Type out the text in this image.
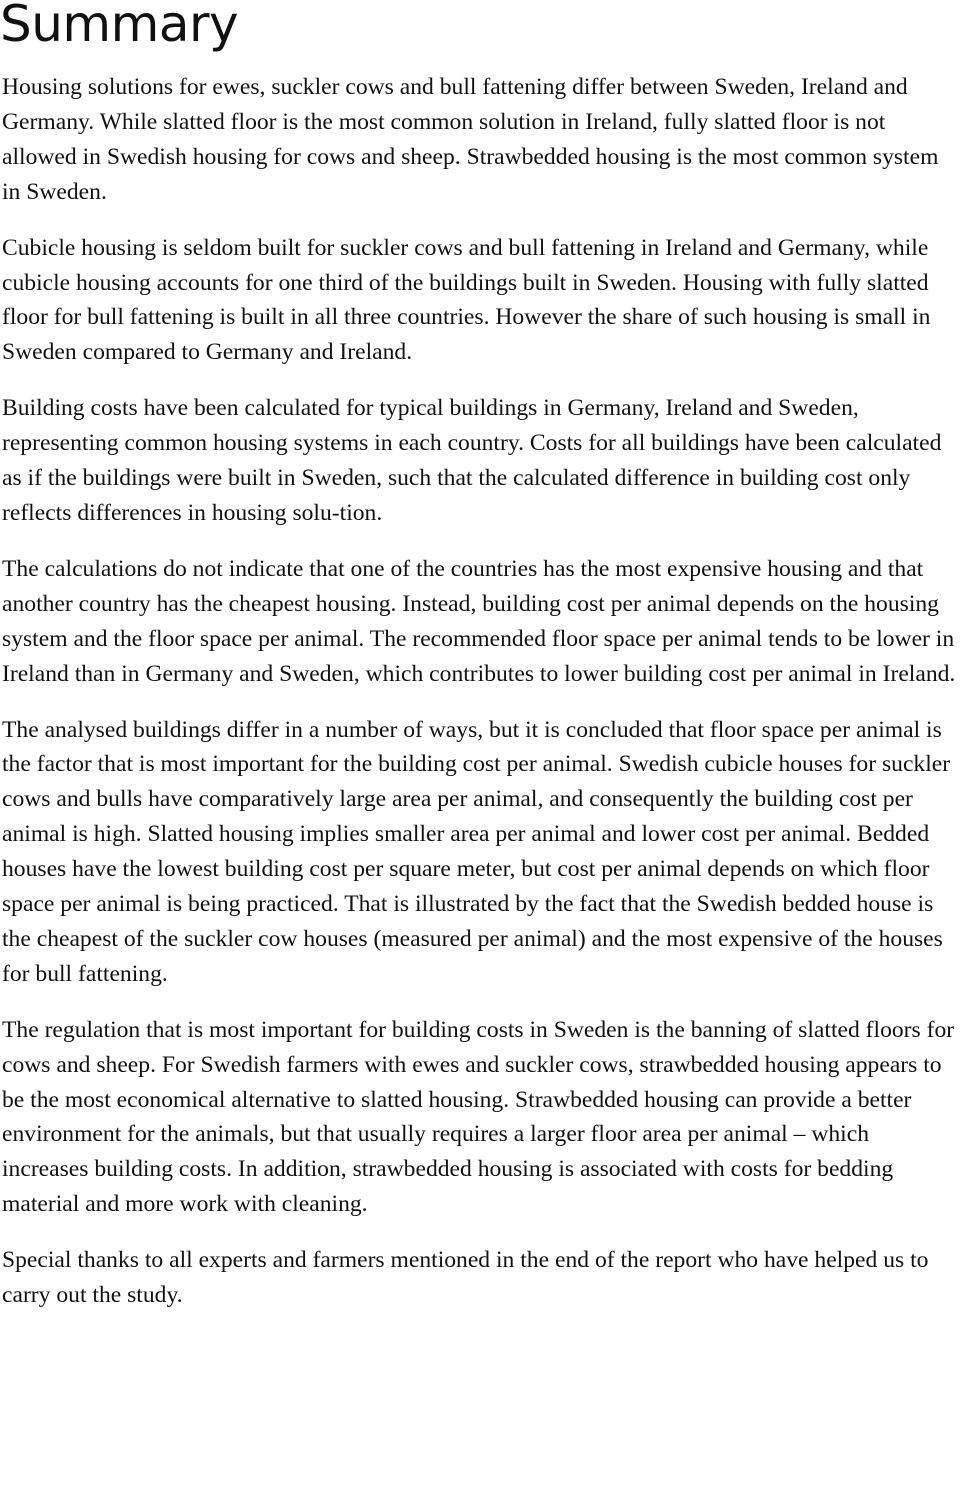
Summary

Housing solutions for ewes, suckler cows and bull fattening differ between Sweden, Ireland and Germany. While slatted floor is the most common solution in Ireland, fully slatted floor is not allowed in Swedish housing for cows and sheep. Strawbedded housing is the most common system in Sweden.

Cubicle housing is seldom built for suckler cows and bull fattening in Ireland and Germany, while cubicle housing accounts for one third of the buildings built in Sweden. Housing with fully slatted floor for bull fattening is built in all three countries. However the share of such housing is small in Sweden compared to Germany and Ireland.

Building costs have been calculated for typical buildings in Germany, Ireland and Sweden, representing common housing systems in each country. Costs for all buildings have been calculated as if the buildings were built in Sweden, such that the calculated difference in building cost only reflects differences in housing solu-tion.

The calculations do not indicate that one of the countries has the most expensive housing and that another country has the cheapest housing. Instead, building cost per animal depends on the housing system and the floor space per animal. The recommended floor space per animal tends to be lower in Ireland than in Germany and Sweden, which contributes to lower building cost per animal in Ireland.

The analysed buildings differ in a number of ways, but it is concluded that floor space per animal is the factor that is most important for the building cost per animal. Swedish cubicle houses for suckler cows and bulls have comparatively large area per animal, and consequently the building cost per animal is high. Slatted housing implies smaller area per animal and lower cost per animal. Bedded houses have the lowest building cost per square meter, but cost per animal depends on which floor space per animal is being practiced. That is illustrated by the fact that the Swedish bedded house is the cheapest of the suckler cow houses (measured per animal) and the most expensive of the houses for bull fattening.

The regulation that is most important for building costs in Sweden is the banning of slatted floors for cows and sheep. For Swedish farmers with ewes and suckler cows, strawbedded housing appears to be the most economical alternative to slatted housing. Strawbedded housing can provide a better environment for the animals, but that usually requires a larger floor area per animal – which increases building costs. In addition, strawbedded housing is associated with costs for bedding material and more work with cleaning.

Special thanks to all experts and farmers mentioned in the end of the report who have helped us to carry out the study.
